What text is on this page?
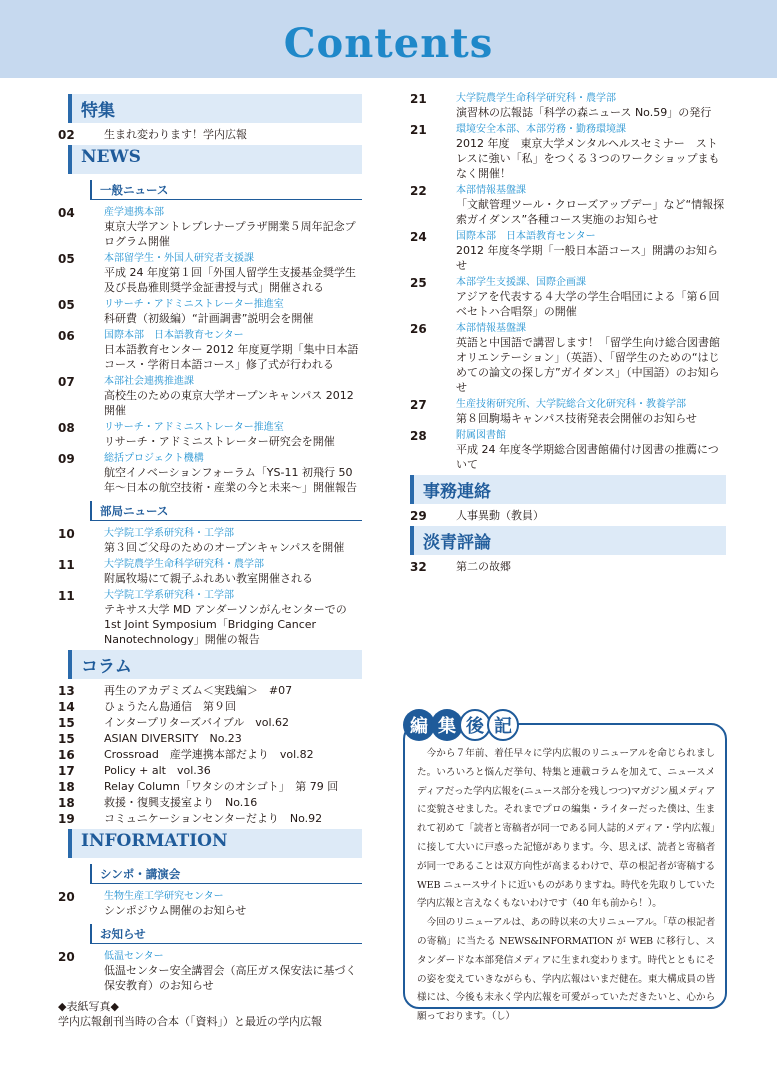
Contents
特集
02	生まれ変わります！学内広報
NEWS
一般ニュース
04	産学連携本部
東京大学アントレプレナープラザ開業５周年記念プログラム開催
05	本部留学生・外国人研究者支援課
平成 24 年度第１回「外国人留学生支援基金奨学生及び長島雅則奨学金証書授与式」開催される
05	リサーチ・アドミニストレーター推進室
科研費（初級編）“計画調書”説明会を開催
06	国際本部　日本語教育センター
日本語教育センター 2012 年度夏学期「集中日本語コース・学術日本語コース」修了式が行われる
07	本部社会連携推進課
高校生のための東京大学オープンキャンパス 2012 開催
08	リサーチ・アドミニストレーター推進室
リサーチ・アドミニストレーター研究会を開催
09	総括プロジェクト機構
航空イノベーションフォーラム「YS-11 初飛行 50 年〜日本の航空技術・産業の今と未来〜」開催報告
部局ニュース
10	大学院工学系研究科・工学部
第３回ご父母のためのオープンキャンパスを開催
11	大学院農学生命科学研究科・農学部
附属牧場にて親子ふれあい教室開催される
11	大学院工学系研究科・工学部
テキサス大学 MD アンダーソンがんセンターでの 1st Joint Symposium「Bridging Cancer Nanotechnology」開催の報告
コラム
13	再生のアカデミズム＜実践編＞　#07
14	ひょうたん島通信　第９回
15	インタープリターズバイブル　vol.62
15	ASIAN DIVERSITY　No.23
16	Crossroad　産学連携本部だより　vol.82
17	Policy + alt　vol.36
18	Relay Column「ワタシのオシゴト」　第 79 回
18	救援・復興支援室より　No.16
19	コミュニケーションセンターだより　No.92
INFORMATION
シンポ・講演会
20	生物生産工学研究センター
シンポジウム開催のお知らせ
お知らせ
20	低温センター
低温センター安全講習会（高圧ガス保安法に基づく保安教育）のお知らせ
◆表紙写真◆
学内広報創刊当時の合本（「資料」）と最近の学内広報
21	大学院農学生命科学研究科・農学部
演習林の広報誌「科学の森ニュース No.59」の発行
21	環境安全本部、本部労務・勤務環境課
2012 年度　東京大学メンタルヘルスセミナー　ストレスに強い「私」をつくる３つのワークショップまもなく開催！
22	本部情報基盤課
「文献管理ツール・クローズアップデー」など“情報探索ガイダンス”各種コース実施のお知らせ
24	国際本部　日本語教育センター
2012 年度冬学期「一般日本語コース」開講のお知らせ
25	本部学生支援課、国際企画課
アジアを代表する４大学の学生合唱団による「第６回ベセトハ合唱祭」の開催
26	本部情報基盤課
英語と中国語で講習します！「留学生向け総合図書館オリエンテーション」（英語）、「留学生のための“はじめての論文の探し方”ガイダンス」（中国語）のお知らせ
27	生産技術研究所、大学院総合文化研究科・教養学部
第８回駒場キャンパス技術発表会開催のお知らせ
28	附属図書館
平成 24 年度冬学期総合図書館備付け図書の推薦について
事務連絡
29	人事異動（教員）
淡青評論
32	第二の故郷
編 集 後 記

今から７年前、着任早々に学内広報のリニューアルを命じられました。いろいろと悩んだ挙句、特集と連載コラムを加えて、ニュースメディアだった学内広報を(ニュース部分を残しつつ)マガジン風メディアに変貌させました。それまでプロの編集・ライターだった僕は、生まれて初めて「読者と寄稿者が同一である同人誌的メディア・学内広報」に接して大いに戸惑った記憶があります。今、思えば、読者と寄稿者が同一であることは双方向性が高まるわけで、草の根記者が寄稿する WEB ニュースサイトに近いものがありますね。時代を先取りしていた学内広報と言えなくもないわけです（40 年も前から！）。

今回のリニューアルは、あの時以来の大リニューアル。「草の根記者の寄稿」に当たる NEWS&INFORMATION が WEB に移行し、スタンダードな本部発信メディアに生まれ変わります。時代とともにその姿を変えていきながらも、学内広報はいまだ健在。東大構成員の皆様には、今後も末永く学内広報を可愛がっていただきたいと、心から願っております。（し）
